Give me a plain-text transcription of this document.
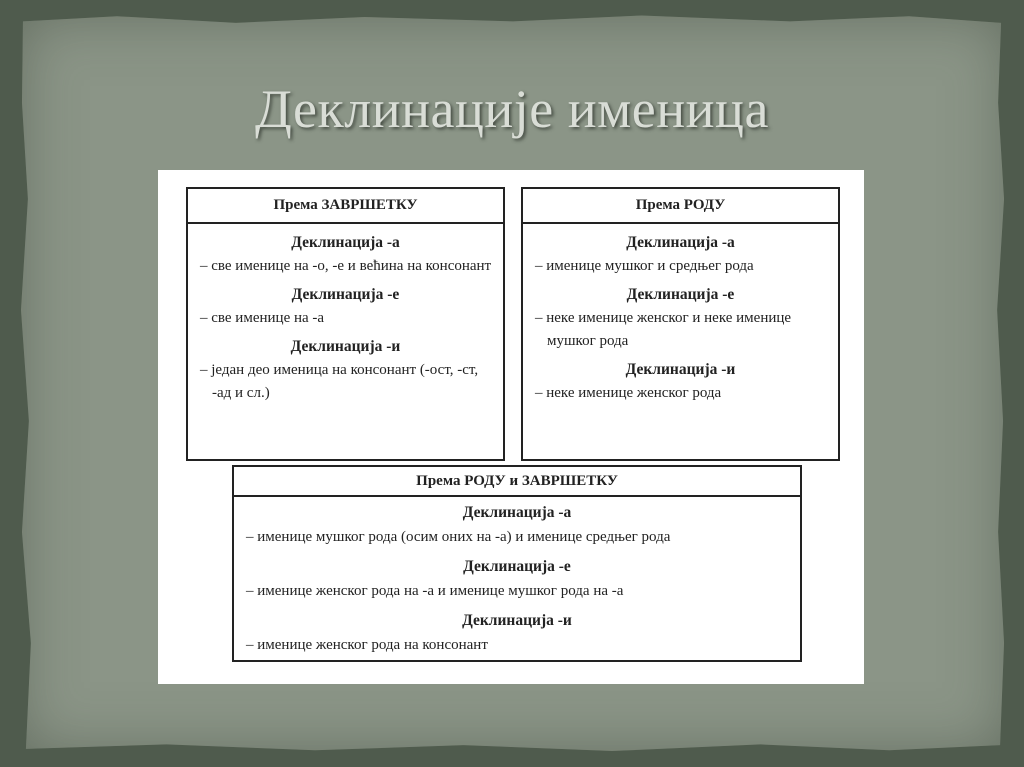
Деклинације именица
Према ЗАВРШЕТКУ
Деклинација -а
– све именице на -о, -е и већина на консонант
Деклинација -е
– све именице на -а
Деклинација -и
– један део именица на консонант (-ост, -ст, -ад и сл.)
Према РОДУ
Деклинација -а
– именице мушког и средњег рода
Деклинација -е
– неке именице женског и неке именице мушког рода
Деклинација -и
– неке именице женског рода
Према РОДУ и ЗАВРШЕТКУ
Деклинација -а
– именице мушког рода (осим оних на -а) и именице средњег рода
Деклинација -е
– именице женског рода на -а и именице мушког рода на -а
Деклинација -и
– именице женског рода на консонант
